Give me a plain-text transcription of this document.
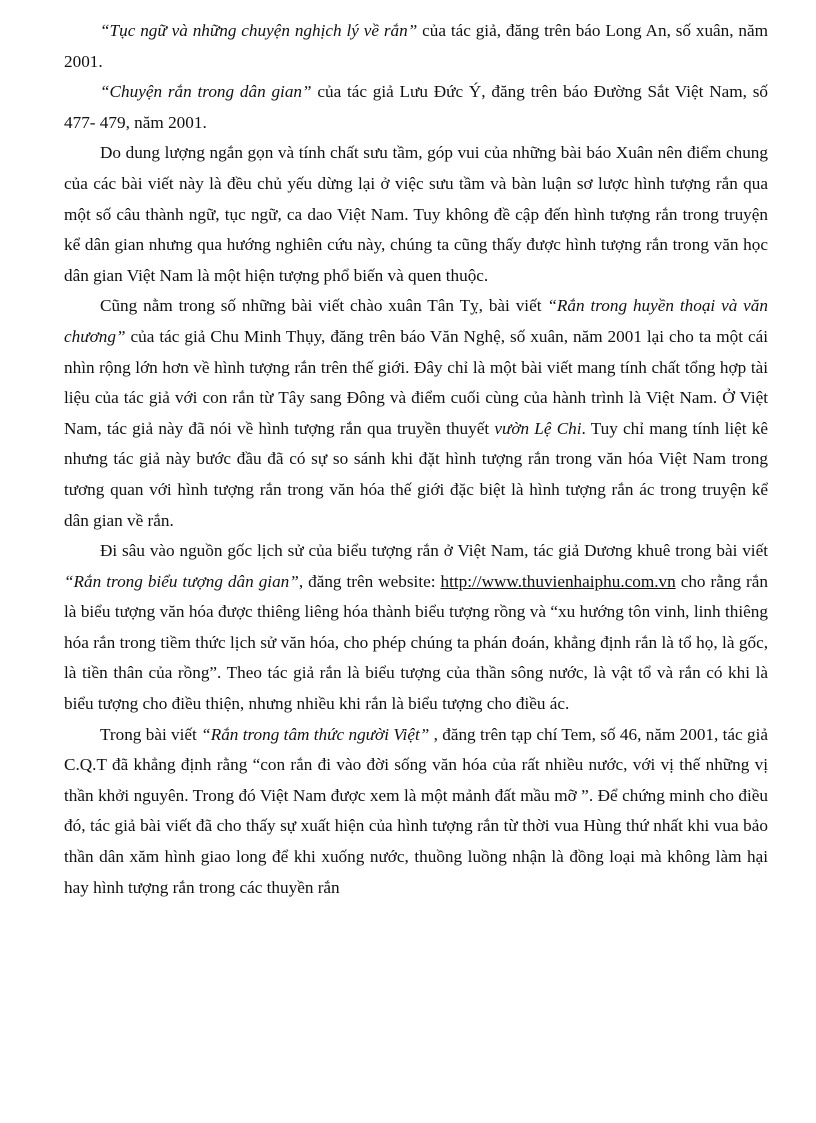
“Tục ngữ và những chuyện nghịch lý về rắn” của tác giả, đăng trên báo Long An, số xuân, năm 2001.

“Chuyện rắn trong dân gian” của tác giả Lưu Đức Ý, đăng trên báo Đường Sắt Việt Nam, số 477- 479, năm 2001.

Do dung lượng ngắn gọn và tính chất sưu tầm, góp vui của những bài báo Xuân nên điểm chung của các bài viết này là đều chủ yếu dừng lại ở việc sưu tầm và bàn luận sơ lược hình tượng rắn qua một số câu thành ngữ, tục ngữ, ca dao Việt Nam. Tuy không đề cập đến hình tượng rắn trong truyện kể dân gian nhưng qua hướng nghiên cứu này, chúng ta cũng thấy được hình tượng rắn trong văn học dân gian Việt Nam là một hiện tượng phổ biến và quen thuộc.

Cũng nằm trong số những bài viết chào xuân Tân Tỵ, bài viết “Rắn trong huyền thoại và văn chương” của tác giả Chu Minh Thụy, đăng trên báo Văn Nghệ, số xuân, năm 2001 lại cho ta một cái nhìn rộng lớn hơn về hình tượng rắn trên thế giới. Đây chỉ là một bài viết mang tính chất tổng hợp tài liệu của tác giả với con rắn từ Tây sang Đông và điểm cuối cùng của hành trình là Việt Nam. Ở Việt Nam, tác giả này đã nói về hình tượng rắn qua truyền thuyết vườn Lệ Chi. Tuy chỉ mang tính liệt kê nhưng tác giả này bước đầu đã có sự so sánh khi đặt hình tượng rắn trong văn hóa Việt Nam trong tương quan với hình tượng rắn trong văn hóa thế giới đặc biệt là hình tượng rắn ác trong truyện kể dân gian về rắn.

Đi sâu vào nguồn gốc lịch sử của biểu tượng rắn ở Việt Nam, tác giả Dương khuê trong bài viết “Rắn trong biểu tượng dân gian”, đăng trên website: http://www.thuvienhaiphu.com.vn cho rằng rắn là biểu tượng văn hóa được thiêng liêng hóa thành biểu tượng rồng và “xu hướng tôn vinh, linh thiêng hóa rắn trong tiềm thức lịch sử văn hóa, cho phép chúng ta phán đoán, khẳng định rắn là tổ họ, là gốc, là tiền thân của rồng”. Theo tác giả rắn là biểu tượng của thần sông nước, là vật tổ và rắn có khi là biểu tượng cho điều thiện, nhưng nhiều khi rắn là biểu tượng cho điều ác.

Trong bài viết “Rắn trong tâm thức người Việt” , đăng trên tạp chí Tem, số 46, năm 2001, tác giả C.Q.T đã khẳng định rằng “con rắn đi vào đời sống văn hóa của rất nhiều nước, với vị thế những vị thần khởi nguyên. Trong đó Việt Nam được xem là một mảnh đất mầu mỡ ”. Để chứng minh cho điều đó, tác giả bài viết đã cho thấy sự xuất hiện của hình tượng rắn từ thời vua Hùng thứ nhất khi vua bảo thần dân xăm hình giao long để khi xuống nước, thuồng luồng nhận là đồng loại mà không làm hại hay hình tượng rắn trong các thuyền rắn
